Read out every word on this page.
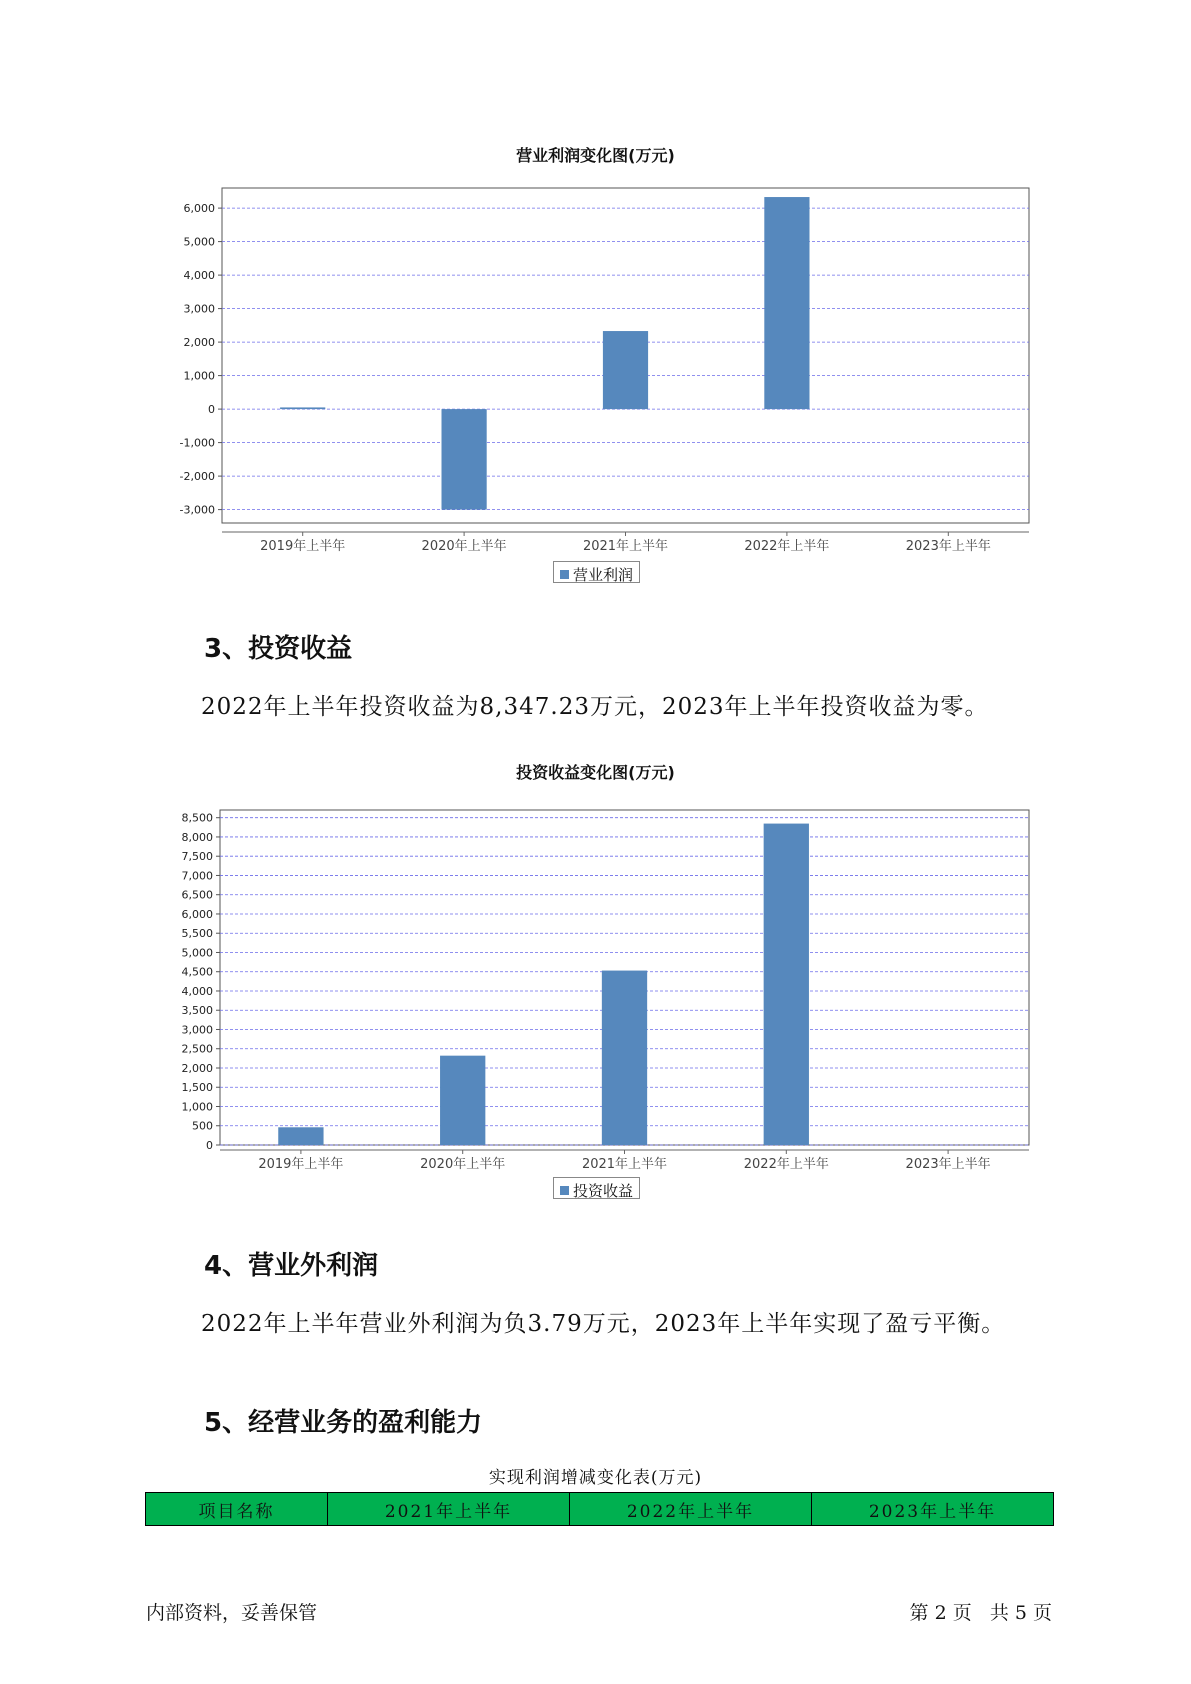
营业利润变化图(万元)
6,000
5,000
4,000
3,000
2,000
1,000
0
-1,000
-2,000
-3,000
2019年上半年	2020年上半年	2021年上半年	2022年上半年	2023年上半年
营业利润
3、投资收益
2022年上半年投资收益为8,347.23万元，2023年上半年投资收益为零。
投资收益变化图(万元)
8,500
8,000
7,500
7,000
6,500
6,000
5,500
5,000
4,500
4,000
3,500
3,000
2,500
2,000
1,500
1,000
500
0
2019年上半年	2020年上半年	2021年上半年	2022年上半年	2023年上半年
投资收益
4、营业外利润
2022年上半年营业外利润为负3.79万元，2023年上半年实现了盈亏平衡。
5、经营业务的盈利能力
实现利润增减变化表(万元)
项目名称	2021年上半年	2022年上半年	2023年上半年
内部资料，妥善保管	第 2 页   共 5 页
